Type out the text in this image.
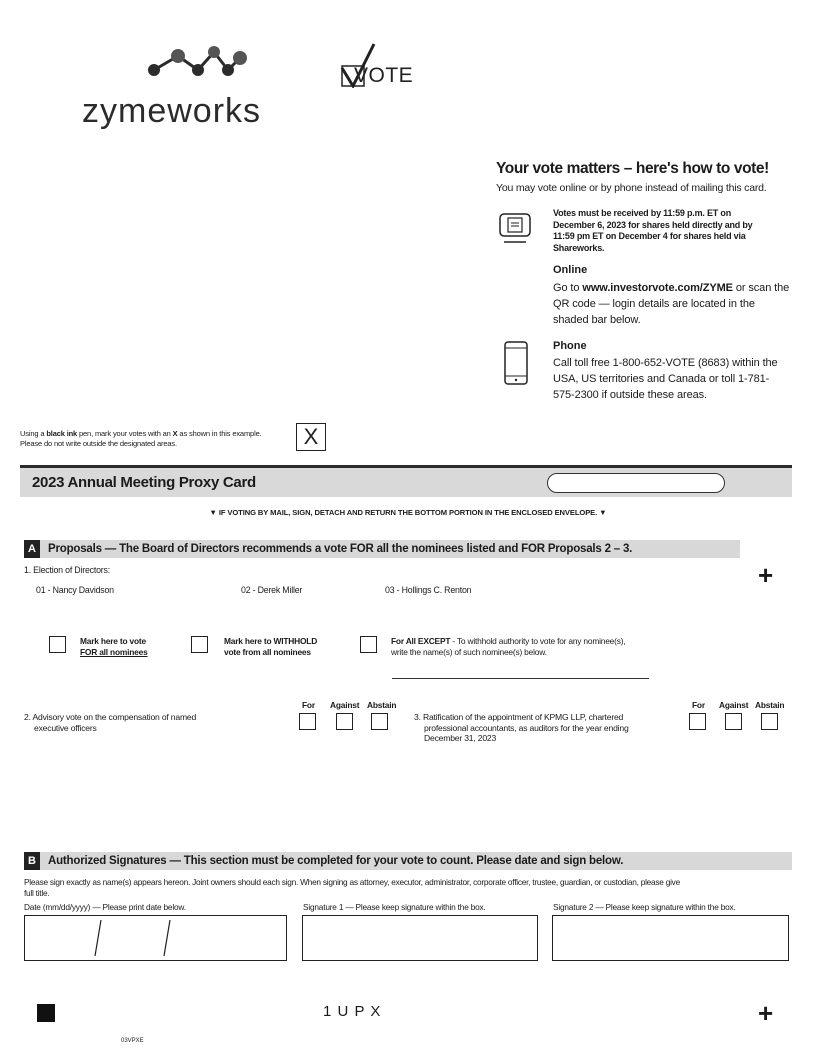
zymeworks
VOTE
Your vote matters – here's how to vote!
You may vote online or by phone instead of mailing this card.
Votes must be received by 11:59 p.m. ET on December 6, 2023 for shares held directly and by 11:59 pm ET on December 4 for shares held via Shareworks.
Online
Go to www.investorvote.com/ZYME or scan the QR code — login details are located in the shaded bar below.
Phone
Call toll free 1-800-652-VOTE (8683) within the USA, US territories and Canada or toll 1-781-575-2300 if outside these areas.
Using a black ink pen, mark your votes with an X as shown in this example.
Please do not write outside the designated areas.	X
2023 Annual Meeting Proxy Card
▼ IF VOTING BY MAIL, SIGN, DETACH AND RETURN THE BOTTOM PORTION IN THE ENCLOSED ENVELOPE. ▼
A	Proposals — The Board of Directors recommends a vote FOR all the nominees listed and FOR Proposals 2 – 3.
1. Election of Directors:	+
01 - Nancy Davidson	02 - Derek Miller	03 - Hollings C. Renton
Mark here to vote
FOR all nominees
Mark here to WITHHOLD
vote from all nominees
For All EXCEPT - To withhold authority to vote for any nominee(s),
write the name(s) of such nominee(s) below.
2. Advisory vote on the compensation of named
executive officers
For Against Abstain
3. Ratification of the appointment of KPMG LLP, chartered
professional accountants, as auditors for the year ending
December 31, 2023
For Against Abstain
B	Authorized Signatures — This section must be completed for your vote to count. Please date and sign below.
Please sign exactly as name(s) appears hereon. Joint owners should each sign. When signing as attorney, executor, administrator, corporate officer, trustee, guardian, or custodian, please give
full title.
Date (mm/dd/yyyy) — Please print date below.	Signature 1 — Please keep signature within the box.	Signature 2 — Please keep signature within the box.
1 U P X	+
03VPXE
